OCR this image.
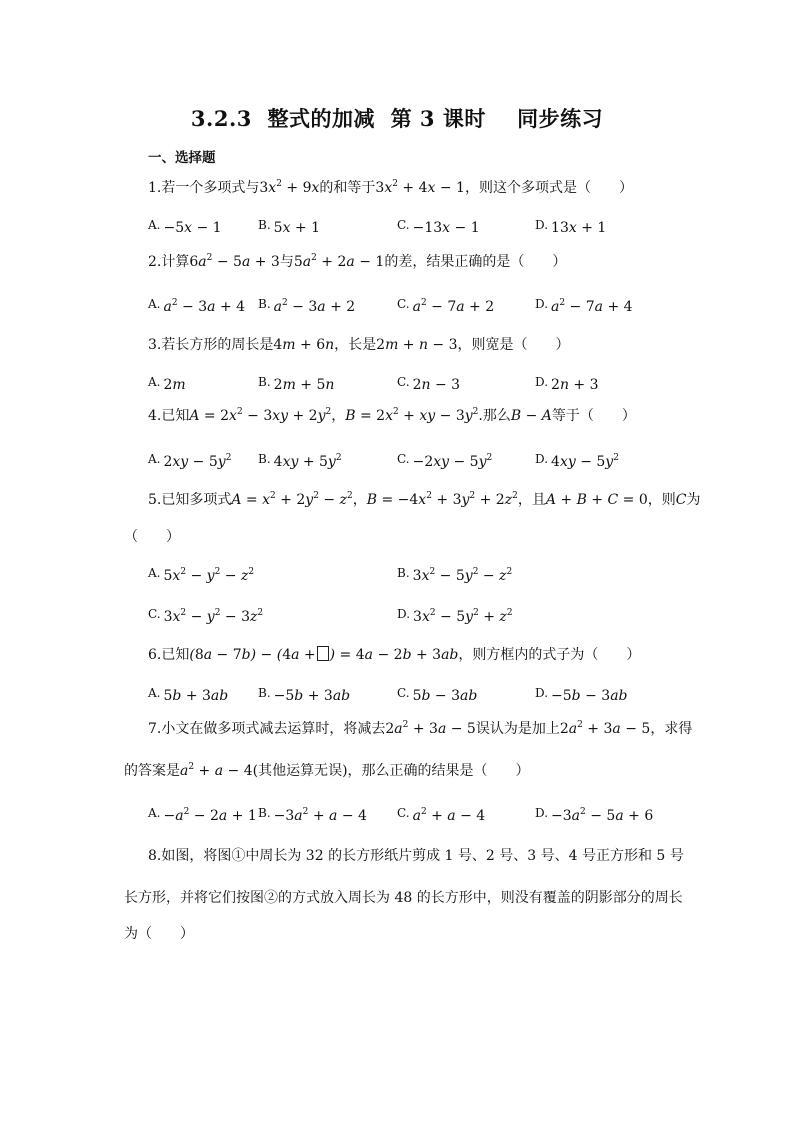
3.2.3  整式的加减  第 3 课时    同步练习
一、选择题
1.若一个多项式与$3x^2 + 9x$的和等于$3x^2 + 4x - 1$，则这个多项式是（　　）
A. −5x − 1	B. 5x + 1	C. −13x − 1	D. 13x + 1
2.计算$6a^2 - 5a + 3$与$5a^2 + 2a - 1$的差，结果正确的是（　　）
A. $a^2 - 3a + 4$ B. $a^2 - 3a + 2$	C. $a^2 - 7a + 2$	D. $a^2 - 7a + 4$
3.若长方形的周长是4m + 6n，长是2m + n − 3，则宽是（　　）
A. 2m	B. 2m + 5n	C. 2n − 3	D. 2n + 3
4.已知$A = 2x^2 - 3xy + 2y^2$，$B = 2x^2$ + xy − $3y^2$.那么B − A等于（　　）
A. $2xy - 5y^2$ B. $4xy + 5y^2$	C. $-2xy - 5y^2$	D. $4xy - 5y^2$
5.已知多项式$A = x^2 + 2y^2 - z^2$，$B = -4x^2 + 3y^2 + 2z^2$，且A + B + C = 0，则C为
（　　）
A. $5x^2 - y^2 - z^2$	B. $3x^2 - 5y^2 - z^2$
C. $3x^2 - y^2 - 3z^2$	D. $3x^2 - 5y^2 + z^2$
6.已知(8a − 7b) − (4a + ) = 4a − 2b + 3ab，则方框内的式子为（　　）
A. 5b + 3ab B. −5b + 3ab	C. 5b − 3ab	D. −5b − 3ab
7.小文在做多项式减去运算时，将减去$2a^2 + 3a - 5$误认为是加上$2a^2 + 3a - 5$，求得
的答案是$a^2 + a - 4$(其他运算无误)，那么正确的结果是（　　）
A. $-a^2 - 2a + 1$ B. $-3a^2 + a - 4$	C. $a^2 + a - 4$	D. $-3a^2 - 5a + 6$
8.如图，将图①中周长为 32 的长方形纸片剪成 1 号、2 号、3 号、4 号正方形和 5 号
长方形，并将它们按图②的方式放入周长为 48 的长方形中，则没有覆盖的阴影部分的周长
为（　　）
